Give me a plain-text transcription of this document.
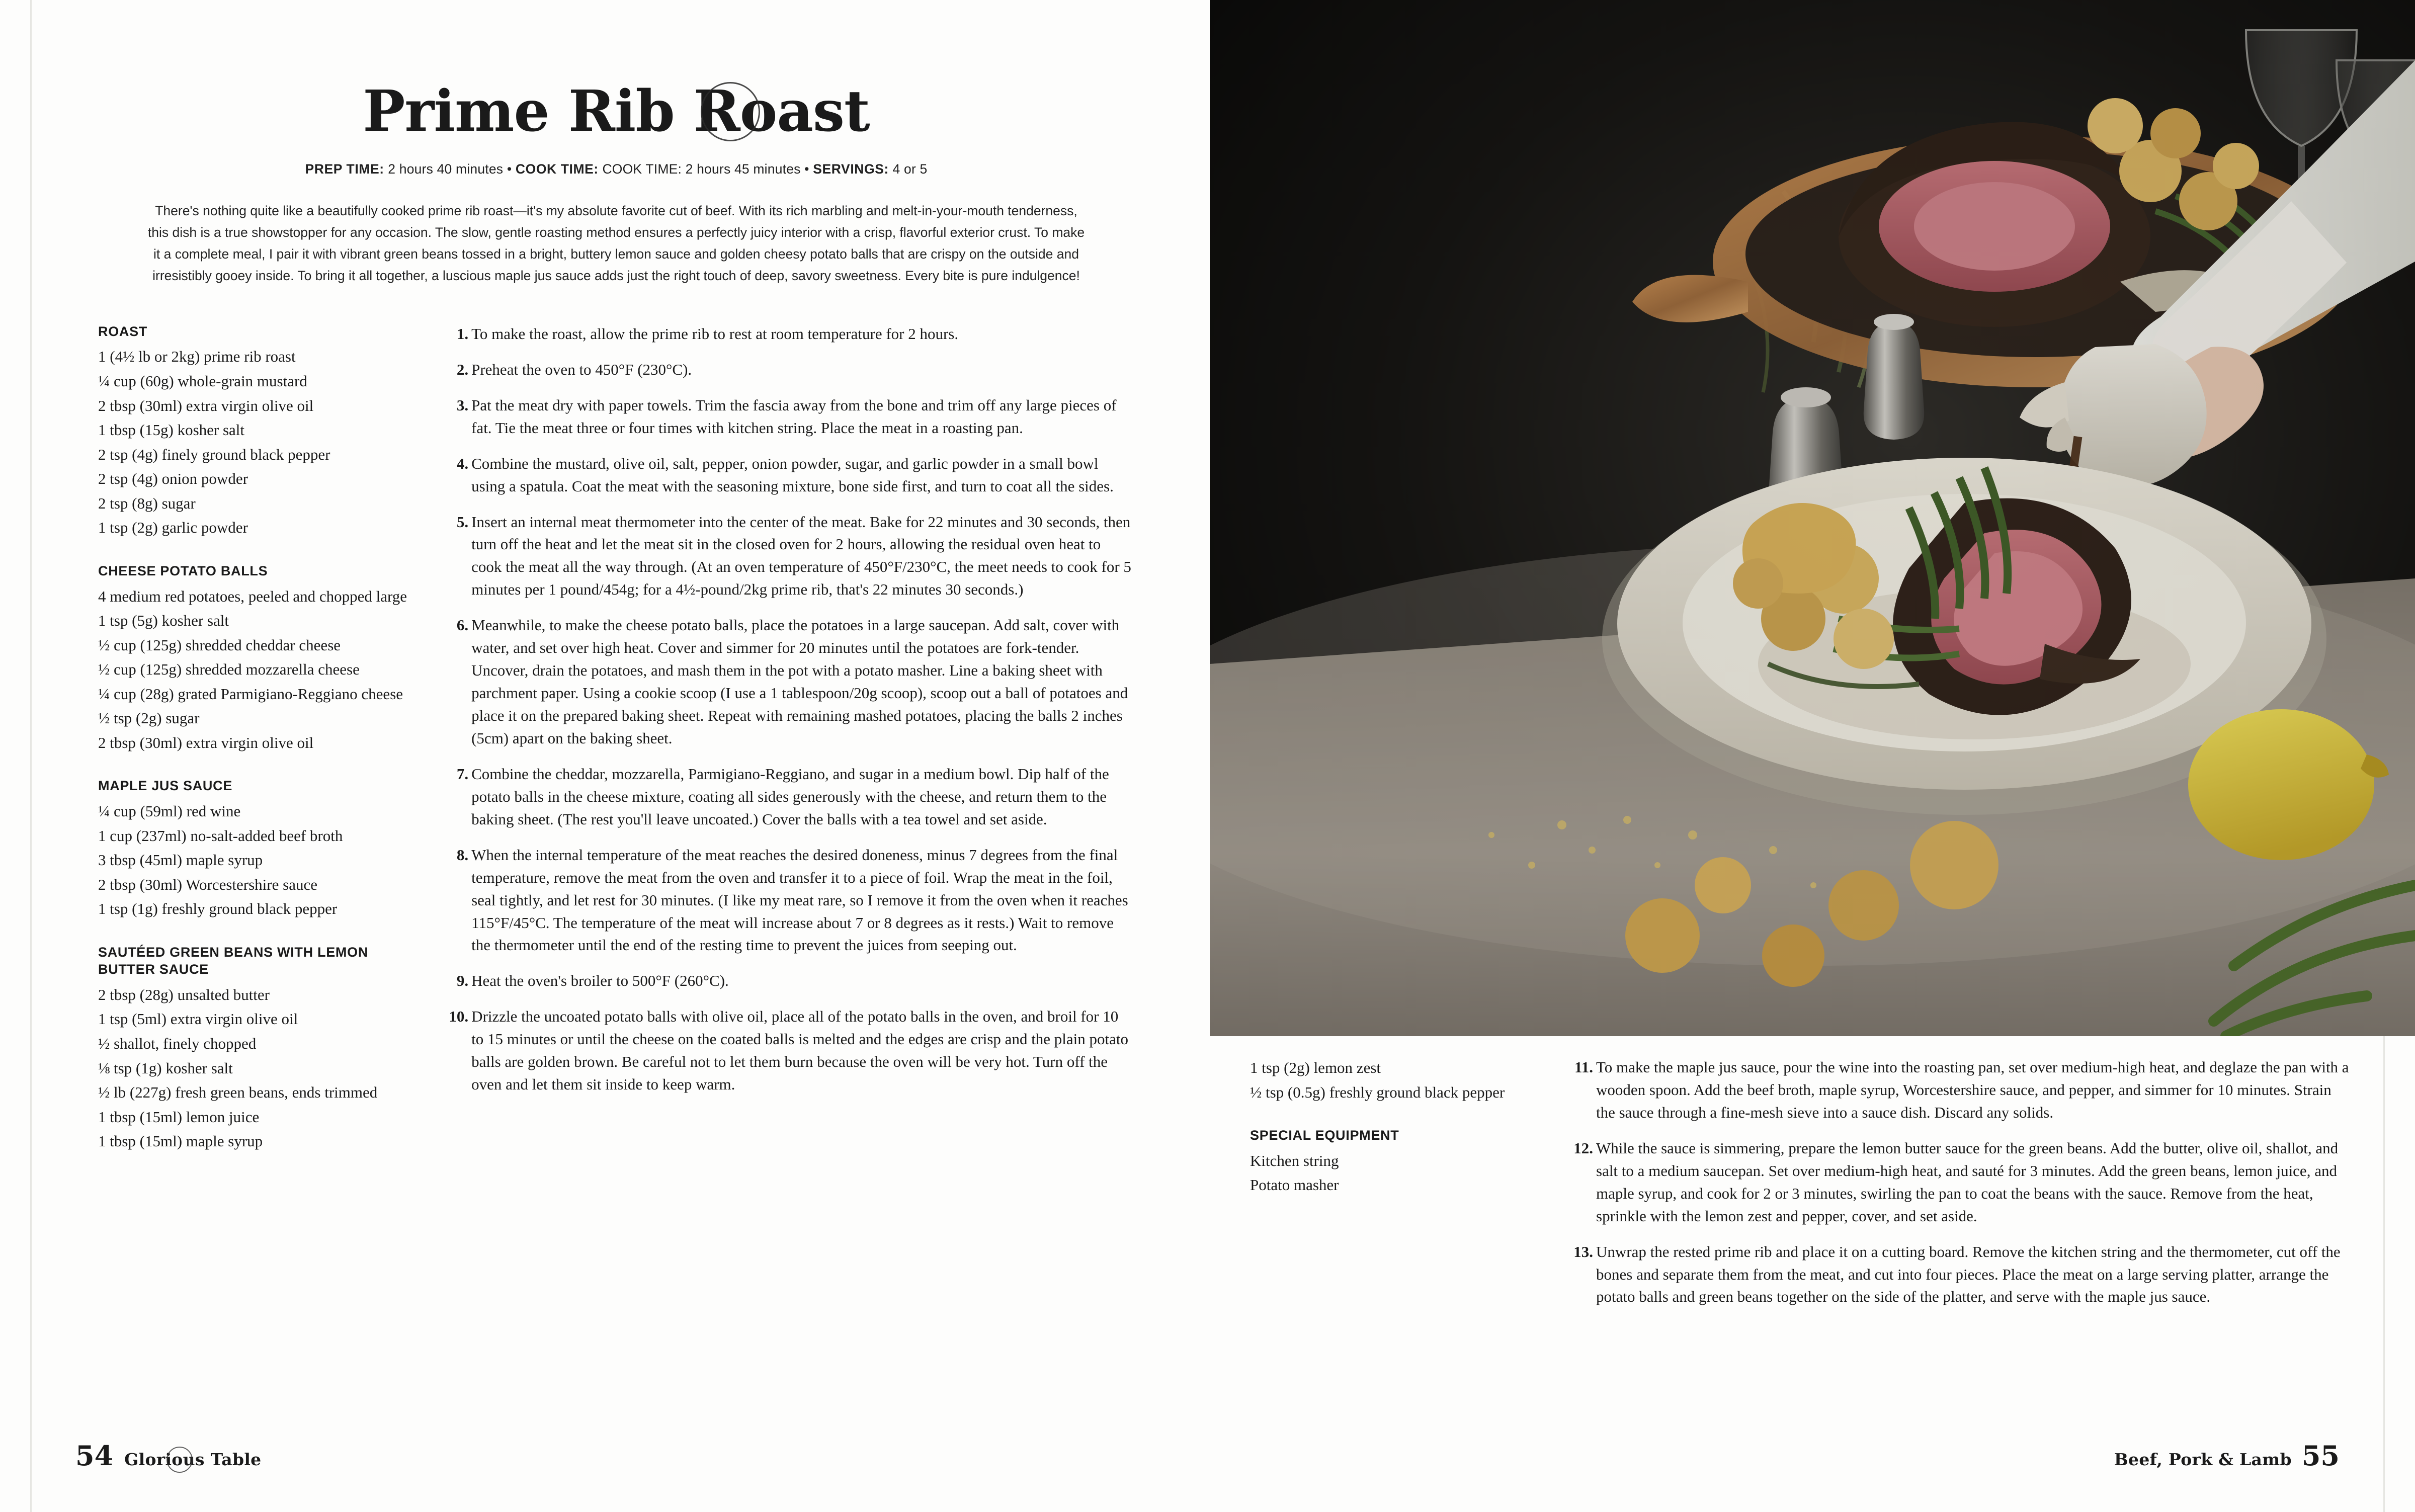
Prime Rib Roast
PREP TIME: 2 hours 40 minutes • COOK TIME: COOK TIME: 2 hours 45 minutes • SERVINGS: 4 or 5

There's nothing quite like a beautifully cooked prime rib roast—it's my absolute favorite cut of beef. With its rich marbling and melt-in-your-mouth tenderness, this dish is a true showstopper for any occasion. The slow, gentle roasting method ensures a perfectly juicy interior with a crisp, flavorful exterior crust. To make it a complete meal, I pair it with vibrant green beans tossed in a bright, buttery lemon sauce and golden cheesy potato balls that are crispy on the outside and irresistibly gooey inside. To bring it all together, a luscious maple jus sauce adds just the right touch of deep, savory sweetness. Every bite is pure indulgence!

ROAST
1 (4½ lb or 2kg) prime rib roast
¼ cup (60g) whole-grain mustard
2 tbsp (30ml) extra virgin olive oil
1 tbsp (15g) kosher salt
2 tsp (4g) finely ground black pepper
2 tsp (4g) onion powder
2 tsp (8g) sugar
1 tsp (2g) garlic powder
CHEESE POTATO BALLS
4 medium red potatoes, peeled and chopped large
1 tsp (5g) kosher salt
½ cup (125g) shredded cheddar cheese
½ cup (125g) shredded mozzarella cheese
¼ cup (28g) grated Parmigiano-Reggiano cheese
½ tsp (2g) sugar
2 tbsp (30ml) extra virgin olive oil
MAPLE JUS SAUCE
¼ cup (59ml) red wine
1 cup (237ml) no-salt-added beef broth
3 tbsp (45ml) maple syrup
2 tbsp (30ml) Worcestershire sauce
1 tsp (1g) freshly ground black pepper
SAUTÉED GREEN BEANS WITH LEMON BUTTER SAUCE
2 tbsp (28g) unsalted butter
1 tsp (5ml) extra virgin olive oil
½ shallot, finely chopped
⅛ tsp (1g) kosher salt
½ lb (227g) fresh green beans, ends trimmed
1 tbsp (15ml) lemon juice
1 tbsp (15ml) maple syrup
1. To make the roast, allow the prime rib to rest at room temperature for 2 hours.
2. Preheat the oven to 450°F (230°C).
3. Pat the meat dry with paper towels. Trim the fascia away from the bone and trim off any large pieces of fat. Tie the meat three or four times with kitchen string. Place the meat in a roasting pan.
4. Combine the mustard, olive oil, salt, pepper, onion powder, sugar, and garlic powder in a small bowl using a spatula. Coat the meat with the seasoning mixture, bone side first, and turn to coat all the sides.
5. Insert an internal meat thermometer into the center of the meat. Bake for 22 minutes and 30 seconds, then turn off the heat and let the meat sit in the closed oven for 2 hours, allowing the residual oven heat to cook the meat all the way through. (At an oven temperature of 450°F/230°C, the meet needs to cook for 5 minutes per 1 pound/454g; for a 4½-pound/2kg prime rib, that's 22 minutes 30 seconds.)
6. Meanwhile, to make the cheese potato balls, place the potatoes in a large saucepan. Add salt, cover with water, and set over high heat. Cover and simmer for 20 minutes until the potatoes are fork-tender. Uncover, drain the potatoes, and mash them in the pot with a potato masher. Line a baking sheet with parchment paper. Using a cookie scoop (I use a 1 tablespoon/20g scoop), scoop out a ball of potatoes and place it on the prepared baking sheet. Repeat with remaining mashed potatoes, placing the balls 2 inches (5cm) apart on the baking sheet.
7. Combine the cheddar, mozzarella, Parmigiano-Reggiano, and sugar in a medium bowl. Dip half of the potato balls in the cheese mixture, coating all sides generously with the cheese, and return them to the baking sheet. (The rest you'll leave uncoated.) Cover the balls with a tea towel and set aside.
8. When the internal temperature of the meat reaches the desired doneness, minus 7 degrees from the final temperature, remove the meat from the oven and transfer it to a piece of foil. Wrap the meat in the foil, seal tightly, and let rest for 30 minutes. (I like my meat rare, so I remove it from the oven when it reaches 115°F/45°C. The temperature of the meat will increase about 7 or 8 degrees as it rests.) Wait to remove the thermometer until the end of the resting time to prevent the juices from seeping out.
9. Heat the oven's broiler to 500°F (260°C).
10. Drizzle the uncoated potato balls with olive oil, place all of the potato balls in the oven, and broil for 10 to 15 minutes or until the cheese on the coated balls is melted and the edges are crisp and the plain potato balls are golden brown. Be careful not to let them burn because the oven will be very hot. Turn off the oven and let them sit inside to keep warm.
54 Glorious Table
1 tsp (2g) lemon zest
½ tsp (0.5g) freshly ground black pepper
SPECIAL EQUIPMENT
Kitchen string
Potato masher
11. To make the maple jus sauce, pour the wine into the roasting pan, set over medium-high heat, and deglaze the pan with a wooden spoon. Add the beef broth, maple syrup, Worcestershire sauce, and pepper, and simmer for 10 minutes. Strain the sauce through a fine-mesh sieve into a sauce dish. Discard any solids.
12. While the sauce is simmering, prepare the lemon butter sauce for the green beans. Add the butter, olive oil, shallot, and salt to a medium saucepan. Set over medium-high heat, and sauté for 3 minutes. Add the green beans, lemon juice, and maple syrup, and cook for 2 or 3 minutes, swirling the pan to coat the beans with the sauce. Remove from the heat, sprinkle with the lemon zest and pepper, cover, and set aside.
13. Unwrap the rested prime rib and place it on a cutting board. Remove the kitchen string and the thermometer, cut off the bones and separate them from the meat, and cut into four pieces. Place the meat on a large serving platter, arrange the potato balls and green beans together on the side of the platter, and serve with the maple jus sauce.
Beef, Pork & Lamb 55
